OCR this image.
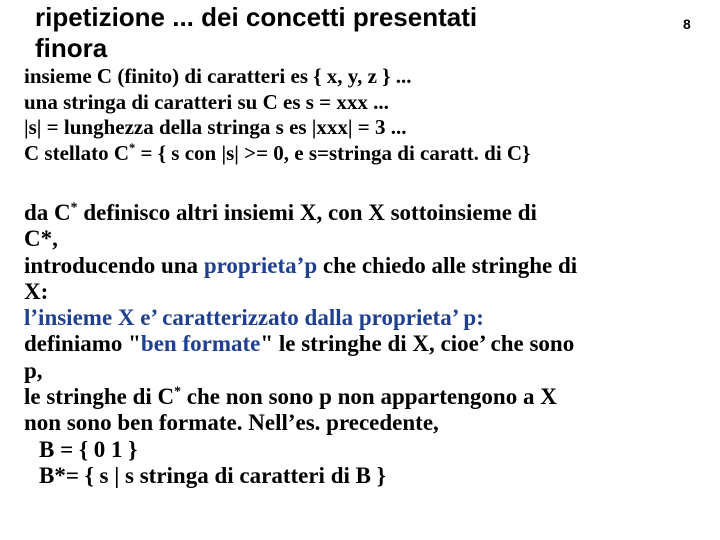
ripetizione ... dei concetti presentati
finora
8
insieme C (finito) di caratteri es { x, y, z } ...
una stringa di caratteri su C es s = xxx ...
|s| = lunghezza della stringa s es |xxx| = 3 ...
C stellato C* = { s con |s| >= 0, e s=stringa di caratt. di C}
da C* definisco altri insiemi X, con X sottoinsieme di
C*,
introducendo una proprieta’p che chiedo alle stringhe di
X:
l’insieme X e’ caratterizzato dalla proprieta’ p:
definiamo "ben formate" le stringhe di X, cioe’ che sono
p,
le stringhe di C* che non sono p non appartengono a X
non sono ben formate. Nell’es. precedente,
B = { 0 1 }
B*= { s | s stringa di caratteri di B }
